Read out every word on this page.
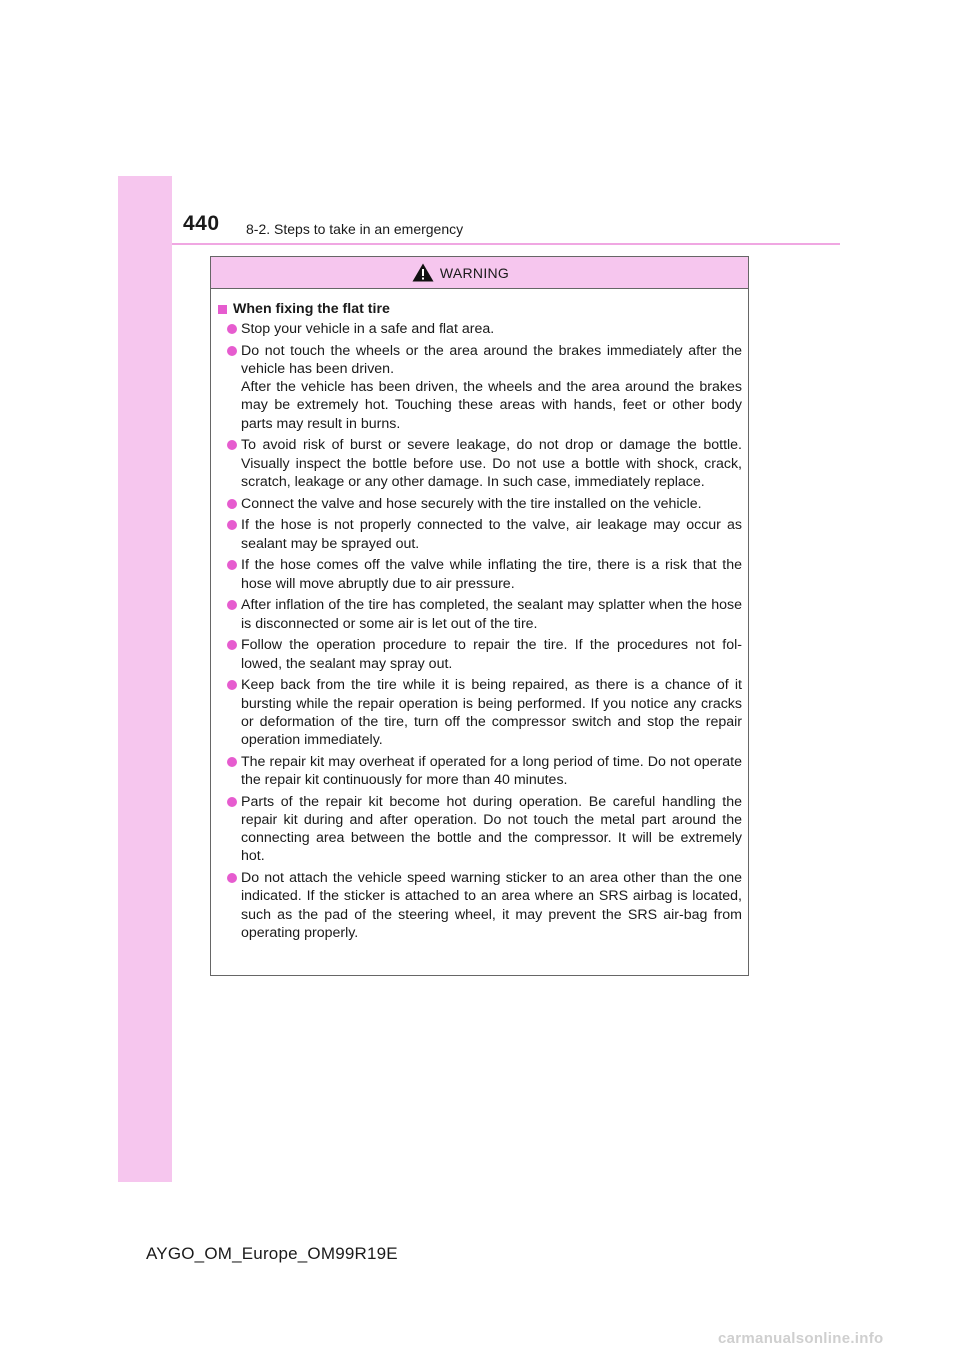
440 8-2. Steps to take in an emergency
WARNING
When fixing the flat tire

Stop your vehicle in a safe and flat area.

Do not touch the wheels or the area around the brakes immediately after the vehicle has been driven.

After the vehicle has been driven, the wheels and the area around the brakes may be extremely hot. Touching these areas with hands, feet or other body parts may result in burns.

To avoid risk of burst or severe leakage, do not drop or damage the bottle. Visually inspect the bottle before use. Do not use a bottle with shock, crack, scratch, leakage or any other damage. In such case, immediately replace.

Connect the valve and hose securely with the tire installed on the vehicle.

If the hose is not properly connected to the valve, air leakage may occur as sealant may be sprayed out.

If the hose comes off the valve while inflating the tire, there is a risk that the hose will move abruptly due to air pressure.

After inflation of the tire has completed, the sealant may splatter when the hose is disconnected or some air is let out of the tire.

Follow the operation procedure to repair the tire. If the procedures not fol-lowed, the sealant may spray out.

Keep back from the tire while it is being repaired, as there is a chance of it bursting while the repair operation is being performed. If you notice any cracks or deformation of the tire, turn off the compressor switch and stop the repair operation immediately.

The repair kit may overheat if operated for a long period of time. Do not operate the repair kit continuously for more than 40 minutes.

Parts of the repair kit become hot during operation. Be careful handling the repair kit during and after operation. Do not touch the metal part around the connecting area between the bottle and the compressor. It will be extremely hot.

Do not attach the vehicle speed warning sticker to an area other than the one indicated. If the sticker is attached to an area where an SRS airbag is located, such as the pad of the steering wheel, it may prevent the SRS air-bag from operating properly.

AYGO_OM_Europe_OM99R19E
carmanualsonline.info
